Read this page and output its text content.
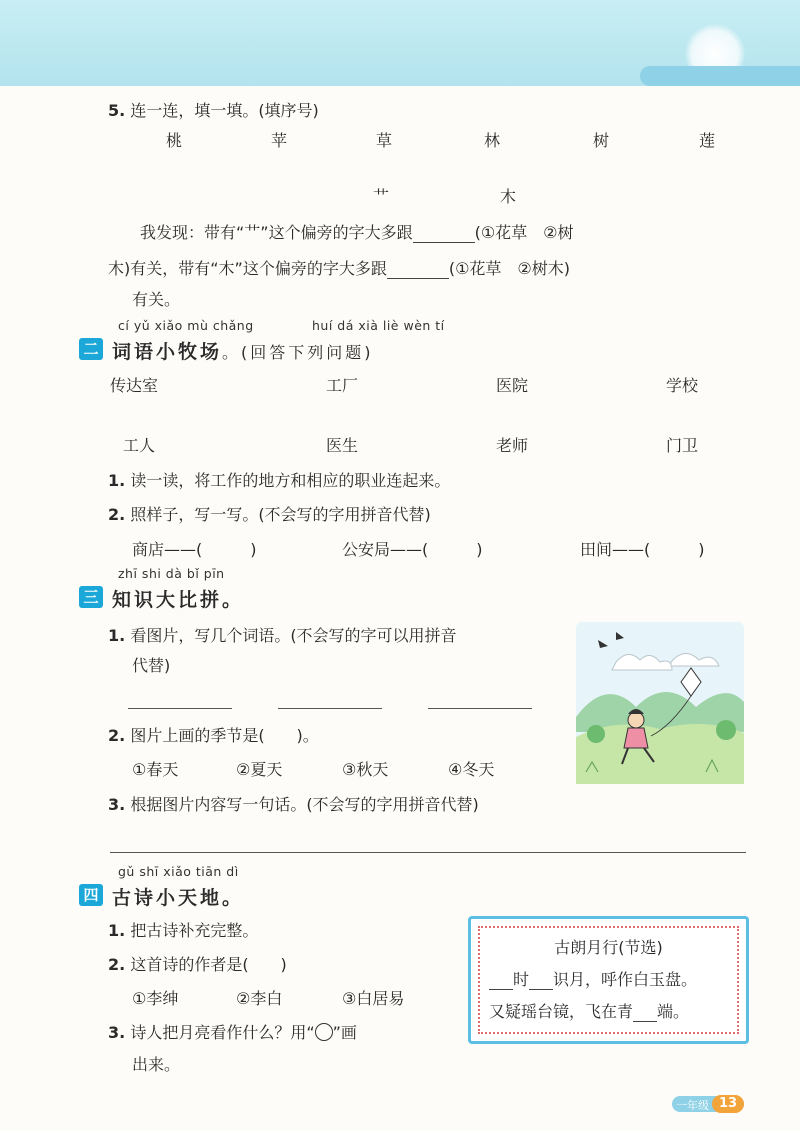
5. 连一连，填一填。(填序号)
桃	苹	草	林	树	莲
艹	木
我发现：带有“艹”这个偏旁的字大多跟	(①花草　②树
木)有关，带有“木”这个偏旁的字大多跟	(①花草　②树木)
有关。
cí yǔ xiǎo mù chǎng	huí dá xià liè wèn tí
二 词语小牧场。(回答下列问题)
传达室	工厂	医院	学校
工人	医生	老师	门卫
1. 读一读，将工作的地方和相应的职业连起来。
2. 照样子，写一写。(不会写的字用拼音代替)
商店——(　　　)	公安局——(　　　)	田间——(　　　)
zhī shi dà bǐ pīn
三 知识大比拼。
1. 看图片，写几个词语。(不会写的字可以用拼音
代替)
2. 图片上画的季节是(　　)。
①春天	②夏天	③秋天	④冬天
3. 根据图片内容写一句话。(不会写的字用拼音代替)
gǔ shī xiǎo tiān dì
四 古诗小天地。
1. 把古诗补充完整。
2. 这首诗的作者是(　　)
①李绅	②李白	③白居易
3. 诗人把月亮看作什么？用“ ”画
出来。
古朗月行(节选)
时 识月，呼作白玉盘。
又疑瑶台镜，飞在青 端。
一年级 13
